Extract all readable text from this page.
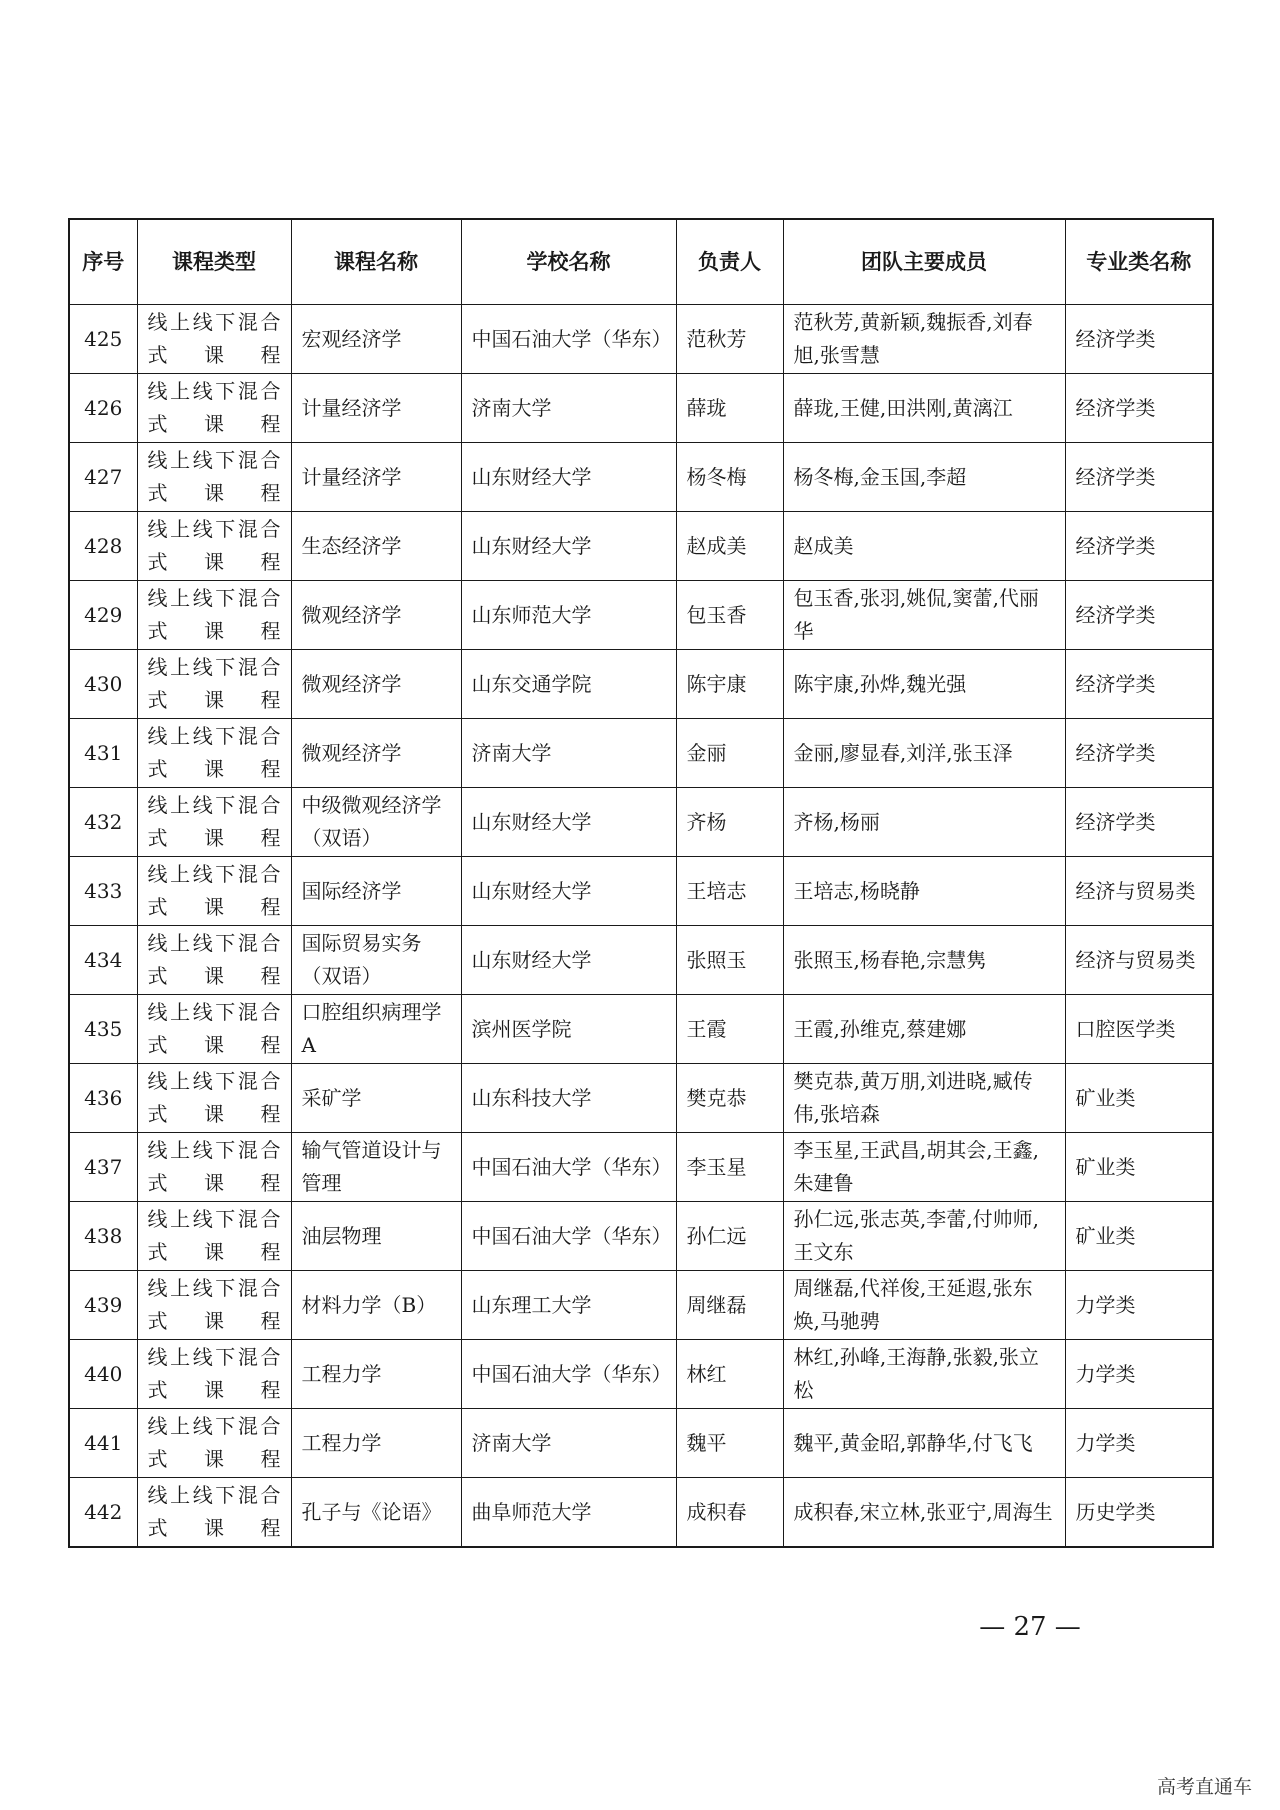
序号	课程类型	课程名称	学校名称	负责人	团队主要成员	专业类名称
425	线上线下混合式课程	宏观经济学	中国石油大学（华东）	范秋芳	范秋芳,黄新颖,魏振香,刘春旭,张雪慧	经济学类
426	线上线下混合式课程	计量经济学	济南大学	薛珑	薛珑,王健,田洪刚,黄漓江	经济学类
427	线上线下混合式课程	计量经济学	山东财经大学	杨冬梅	杨冬梅,金玉国,李超	经济学类
428	线上线下混合式课程	生态经济学	山东财经大学	赵成美	赵成美	经济学类
429	线上线下混合式课程	微观经济学	山东师范大学	包玉香	包玉香,张羽,姚侃,窦蕾,代丽华	经济学类
430	线上线下混合式课程	微观经济学	山东交通学院	陈宇康	陈宇康,孙烨,魏光强	经济学类
431	线上线下混合式课程	微观经济学	济南大学	金丽	金丽,廖显春,刘洋,张玉泽	经济学类
432	线上线下混合式课程	中级微观经济学（双语）	山东财经大学	齐杨	齐杨,杨丽	经济学类
433	线上线下混合式课程	国际经济学	山东财经大学	王培志	王培志,杨晓静	经济与贸易类
434	线上线下混合式课程	国际贸易实务（双语）	山东财经大学	张照玉	张照玉,杨春艳,宗慧隽	经济与贸易类
435	线上线下混合式课程	口腔组织病理学A	滨州医学院	王霞	王霞,孙维克,蔡建娜	口腔医学类
436	线上线下混合式课程	采矿学	山东科技大学	樊克恭	樊克恭,黄万朋,刘进晓,臧传伟,张培森	矿业类
437	线上线下混合式课程	输气管道设计与管理	中国石油大学（华东）	李玉星	李玉星,王武昌,胡其会,王鑫,朱建鲁	矿业类
438	线上线下混合式课程	油层物理	中国石油大学（华东）	孙仁远	孙仁远,张志英,李蕾,付帅师,王文东	矿业类
439	线上线下混合式课程	材料力学（B）	山东理工大学	周继磊	周继磊,代祥俊,王延遐,张东焕,马驰骋	力学类
440	线上线下混合式课程	工程力学	中国石油大学（华东）	林红	林红,孙峰,王海静,张毅,张立松	力学类
441	线上线下混合式课程	工程力学	济南大学	魏平	魏平,黄金昭,郭静华,付飞飞	力学类
442	线上线下混合式课程	孔子与《论语》	曲阜师范大学	成积春	成积春,宋立林,张亚宁,周海生	历史学类
— 27 —
高考直通车
